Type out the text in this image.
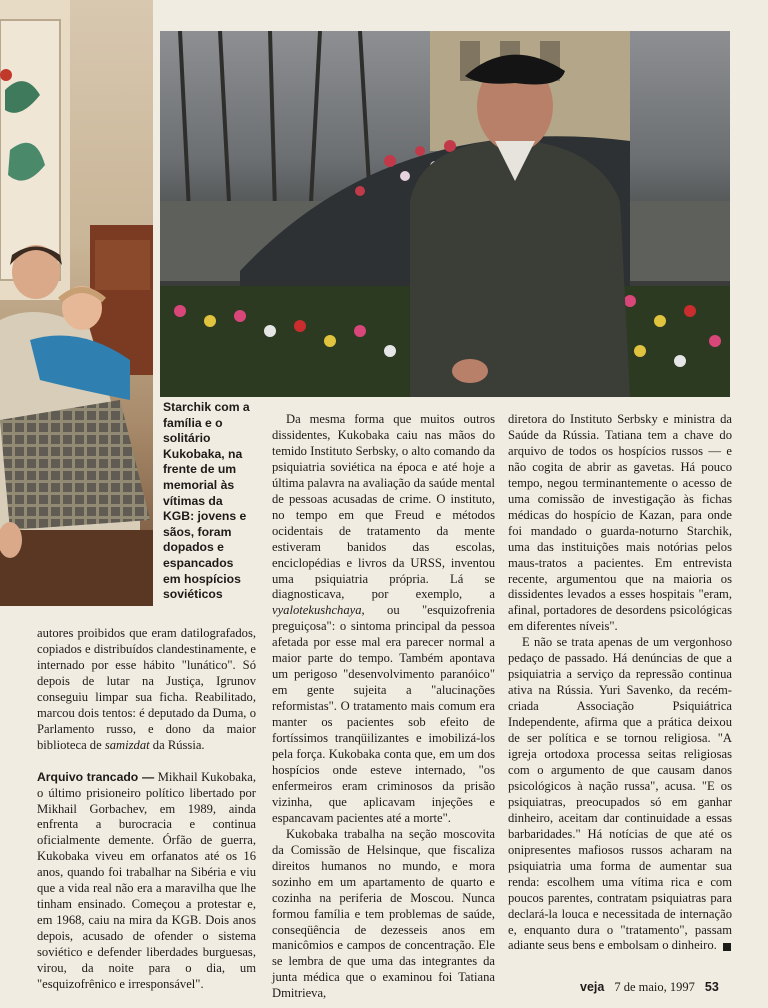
Starchik com a família e o solitário Kukobaka, na frente de um memorial às vítimas da KGB: jovens e sãos, foram dopados e espancados em hospícios soviéticos

autores proibidos que eram datilografados, copiados e distribuídos clandestinamente, e internado por esse hábito "lunático". Só depois de lutar na Justiça, Igrunov conseguiu limpar sua ficha. Reabilitado, marcou dois tentos: é deputado da Duma, o Parlamento russo, e dono da maior biblioteca de samizdat da Rússia.

Arquivo trancado — Mikhail Kukobaka, o último prisioneiro político libertado por Mikhail Gorbachev, em 1989, ainda enfrenta a burocracia e continua oficialmente demente. Órfão de guerra, Kukobaka viveu em orfanatos até os 16 anos, quando foi trabalhar na Sibéria e viu que a vida real não era a maravilha que lhe tinham ensinado. Começou a protestar e, em 1968, caiu na mira da KGB. Dois anos depois, acusado de ofender o sistema soviético e defender liberdades burguesas, virou, da noite para o dia, um "esquizofrênico e irresponsável".

Da mesma forma que muitos outros dissidentes, Kukobaka caiu nas mãos do temido Instituto Serbsky, o alto comando da psiquiatria soviética na época e até hoje a última palavra na avaliação da saúde mental de pessoas acusadas de crime. O instituto, no tempo em que Freud e métodos ocidentais de tratamento da mente estiveram banidos das escolas, enciclopédias e livros da URSS, inventou uma psiquiatria própria. Lá se diagnosticava, por exemplo, a vyalotekushchaya, ou "esquizofrenia preguiçosa": o sintoma principal da pessoa afetada por esse mal era parecer normal a maior parte do tempo. Também apontava um perigoso "desenvolvimento paranóico" em gente sujeita a "alucinações reformistas". O tratamento mais comum era manter os pacientes sob efeito de fortíssimos tranqüilizantes e imobilizá-los pela força. Kukobaka conta que, em um dos hospícios onde esteve internado, "os enfermeiros eram criminosos da prisão vizinha, que aplicavam injeções e espancavam pacientes até a morte".

Kukobaka trabalha na seção moscovita da Comissão de Helsinque, que fiscaliza direitos humanos no mundo, e mora sozinho em um apartamento de quarto e cozinha na periferia de Moscou. Nunca formou família e tem problemas de saúde, conseqüência de dezesseis anos em manicômios e campos de concentração. Ele se lembra de que uma das integrantes da junta médica que o examinou foi Tatiana Dmitrieva,

diretora do Instituto Serbsky e ministra da Saúde da Rússia. Tatiana tem a chave do arquivo de todos os hospícios russos — e não cogita de abrir as gavetas. Há pouco tempo, negou terminantemente o acesso de uma comissão de investigação às fichas médicas do hospício de Kazan, para onde foi mandado o guarda-noturno Starchik, uma das instituições mais notórias pelos maus-tratos a pacientes. Em entrevista recente, argumentou que na maioria os dissidentes levados a esses hospitais "eram, afinal, portadores de desordens psicológicas em diferentes níveis".

E não se trata apenas de um vergonhoso pedaço de passado. Há denúncias de que a psiquiatria a serviço da repressão continua ativa na Rússia. Yuri Savenko, da recém-criada Associação Psiquiátrica Independente, afirma que a prática deixou de ser política e se tornou religiosa. "A igreja ortodoxa processa seitas religiosas com o argumento de que causam danos psicológicos à nação russa", acusa. "E os psiquiatras, preocupados só em ganhar dinheiro, aceitam dar continuidade a essas barbaridades." Há notícias de que até os onipresentes mafiosos russos acharam na psiquiatria uma forma de aumentar sua renda: escolhem uma vítima rica e com poucos parentes, contratam psiquiatras para declará-la louca e necessitada de internação e, enquanto dura o "tratamento", passam adiante seus bens e embolsam o dinheiro.

veja 7 de maio, 1997 53
